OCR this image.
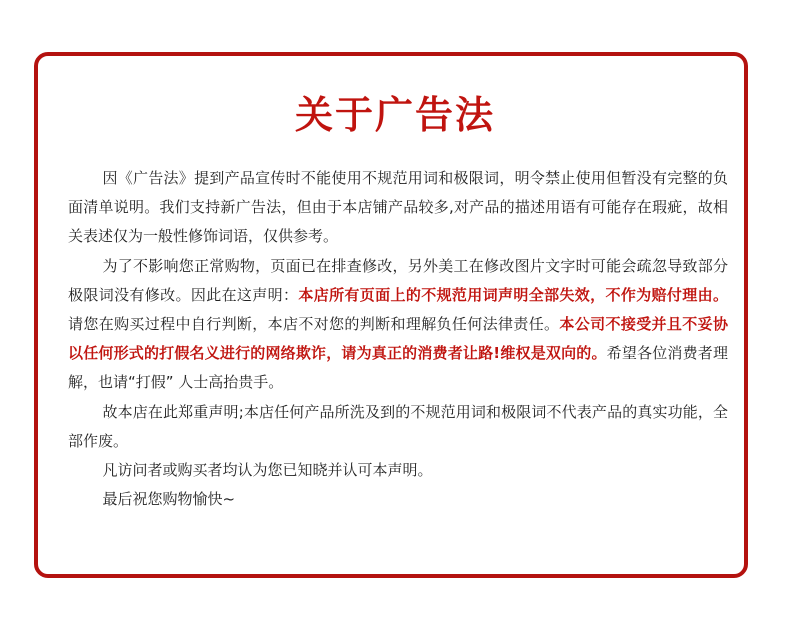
关于广告法

因《广告法》提到产品宣传时不能使用不规范用词和极限词，明令禁止使用但暂没有完整的负面清单说明。我们支持新广告法，但由于本店铺产品较多,对产品的描述用语有可能存在瑕疵，故相关表述仅为一般性修饰词语，仅供参考。

为了不影响您正常购物，页面已在排查修改，另外美工在修改图片文字时可能会疏忽导致部分极限词没有修改。因此在这声明：本店所有页面上的不规范用词声明全部失效，不作为赔付理由。请您在购买过程中自行判断，本店不对您的判断和理解负任何法律责任。本公司不接受并且不妥协以任何形式的打假名义进行的网络欺诈，请为真正的消费者让路!维权是双向的。希望各位消费者理解，也请“打假” 人士高抬贵手。

故本店在此郑重声明;本店任何产品所洗及到的不规范用词和极限词不代表产品的真实功能，全部作废。

凡访问者或购买者均认为您已知晓并认可本声明。

最后祝您购物愉快~
